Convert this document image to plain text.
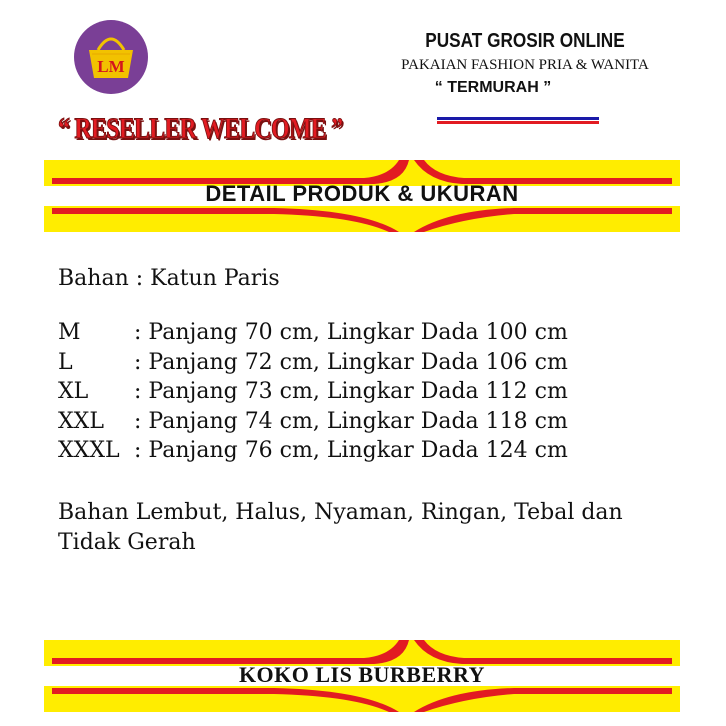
LM
PUSAT GROSIR ONLINE
PAKAIAN FASHION PRIA & WANITA
“ TERMURAH ”
“ RESELLER WELCOME ”
DETAIL PRODUK & UKURAN
Bahan : Katun Paris
M : Panjang 70 cm, Lingkar Dada 100 cm
L	: Panjang 72 cm, Lingkar Dada 106 cm
XL : Panjang 73 cm, Lingkar Dada 112 cm
XXL: Panjang 74 cm, Lingkar Dada 118 cm
XXXL : Panjang 76 cm, Lingkar Dada 124 cm
Bahan Lembut, Halus, Nyaman, Ringan, Tebal dan Tidak Gerah
KOKO LIS BURBERRY
